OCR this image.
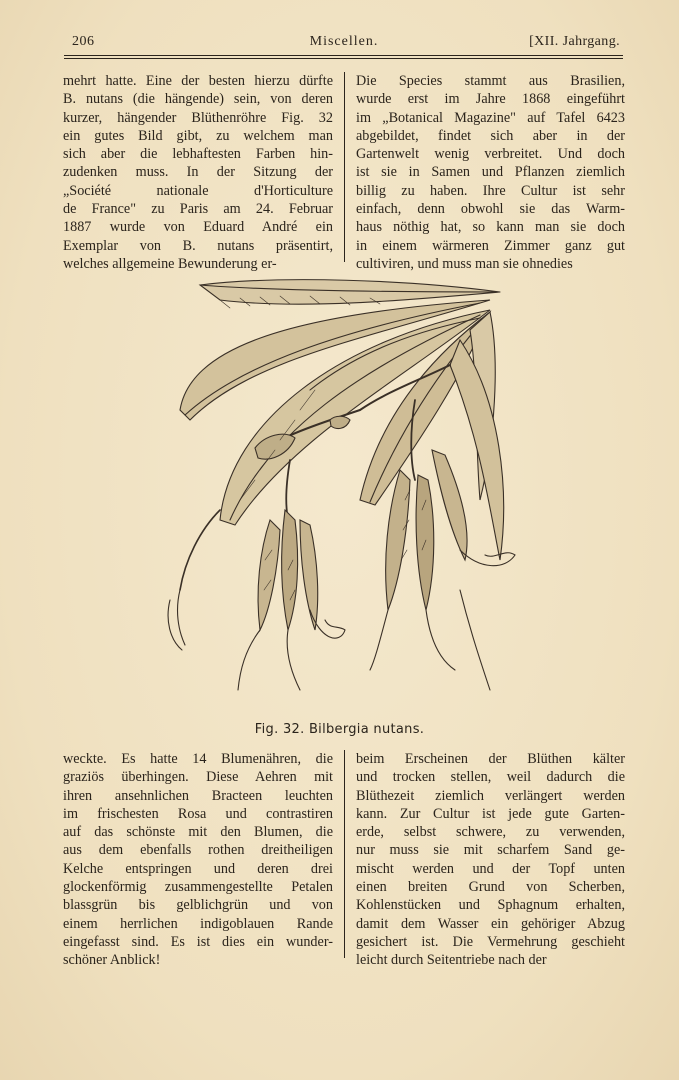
206	Miscellen.	[XII. Jahrgang.
mehrt hatte. Eine der besten hierzu dürfte
B. nutans (die hängende) sein, von deren
kurzer, hängender Blüthenröhre Fig. 32
ein gutes Bild gibt, zu welchem man
sich aber die lebhaftesten Farben hin-
zudenken muss. In der Sitzung der
„Société nationale d'Horticulture
de France" zu Paris am 24. Februar
1887 wurde von Eduard André ein
Exemplar von B. nutans präsentirt,
welches allgemeine Bewunderung er-
Die Species stammt aus Brasilien,
wurde erst im Jahre 1868 eingeführt
im „Botanical Magazine" auf Tafel 6423
abgebildet, findet sich aber in der
Gartenwelt wenig verbreitet. Und doch
ist sie in Samen und Pflanzen ziemlich
billig zu haben. Ihre Cultur ist sehr
einfach, denn obwohl sie das Warm-
haus nöthig hat, so kann man sie doch
in einem wärmeren Zimmer ganz gut
cultiviren, und muss man sie ohnedies
Fig. 32. Bilbergia nutans.
weckte. Es hatte 14 Blumenähren, die
graziös überhingen. Diese Aehren mit
ihren ansehnlichen Bracteen leuchten
im frischesten Rosa und contrastiren
auf das schönste mit den Blumen, die
aus dem ebenfalls rothen dreitheiligen
Kelche entspringen und deren drei
glockenförmig zusammengestellte Petalen
blassgrün bis gelblichgrün und von
einem herrlichen indigoblauen Rande
eingefasst sind. Es ist dies ein wunder-
schöner Anblick!
beim Erscheinen der Blüthen kälter
und trocken stellen, weil dadurch die
Blüthezeit ziemlich verlängert werden
kann. Zur Cultur ist jede gute Garten-
erde, selbst schwere, zu verwenden,
nur muss sie mit scharfem Sand ge-
mischt werden und der Topf unten
einen breiten Grund von Scherben,
Kohlenstücken und Sphagnum erhalten,
damit dem Wasser ein gehöriger Abzug
gesichert ist. Die Vermehrung geschieht
leicht durch Seitentriebe nach der
